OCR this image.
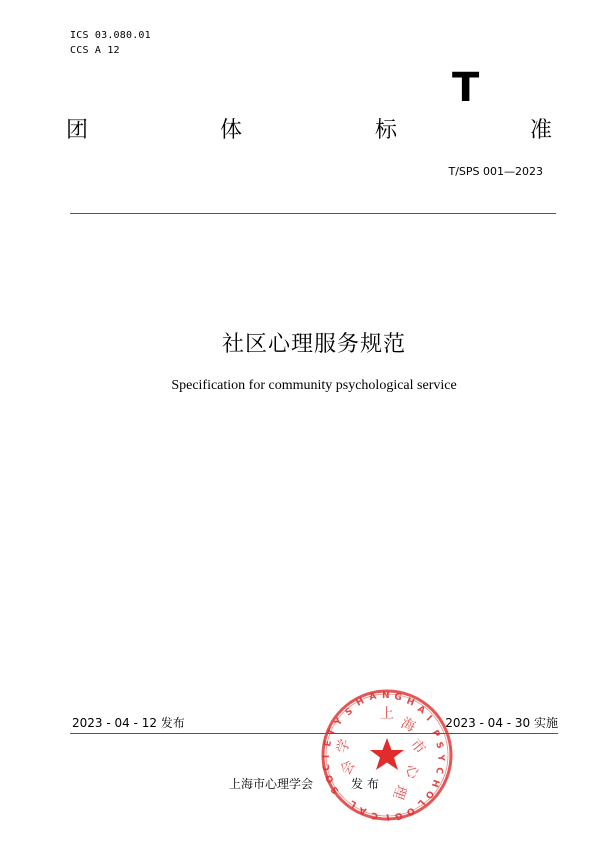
ICS 03.080.01
CCS A 12
T
团	体	标	准
T/SPS 001—2023
社区心理服务规范
Specification for community psychological service
2023 - 04 - 12 发布	2023 - 04 - 30 实施
上海市心理学会	发 布
S
H A N G H
A
I
P
S
Y
C
H
O
L
O
G
I
C
A
L
S
O
C
I
E
T
Y
上
海
市
会
学
心
理
